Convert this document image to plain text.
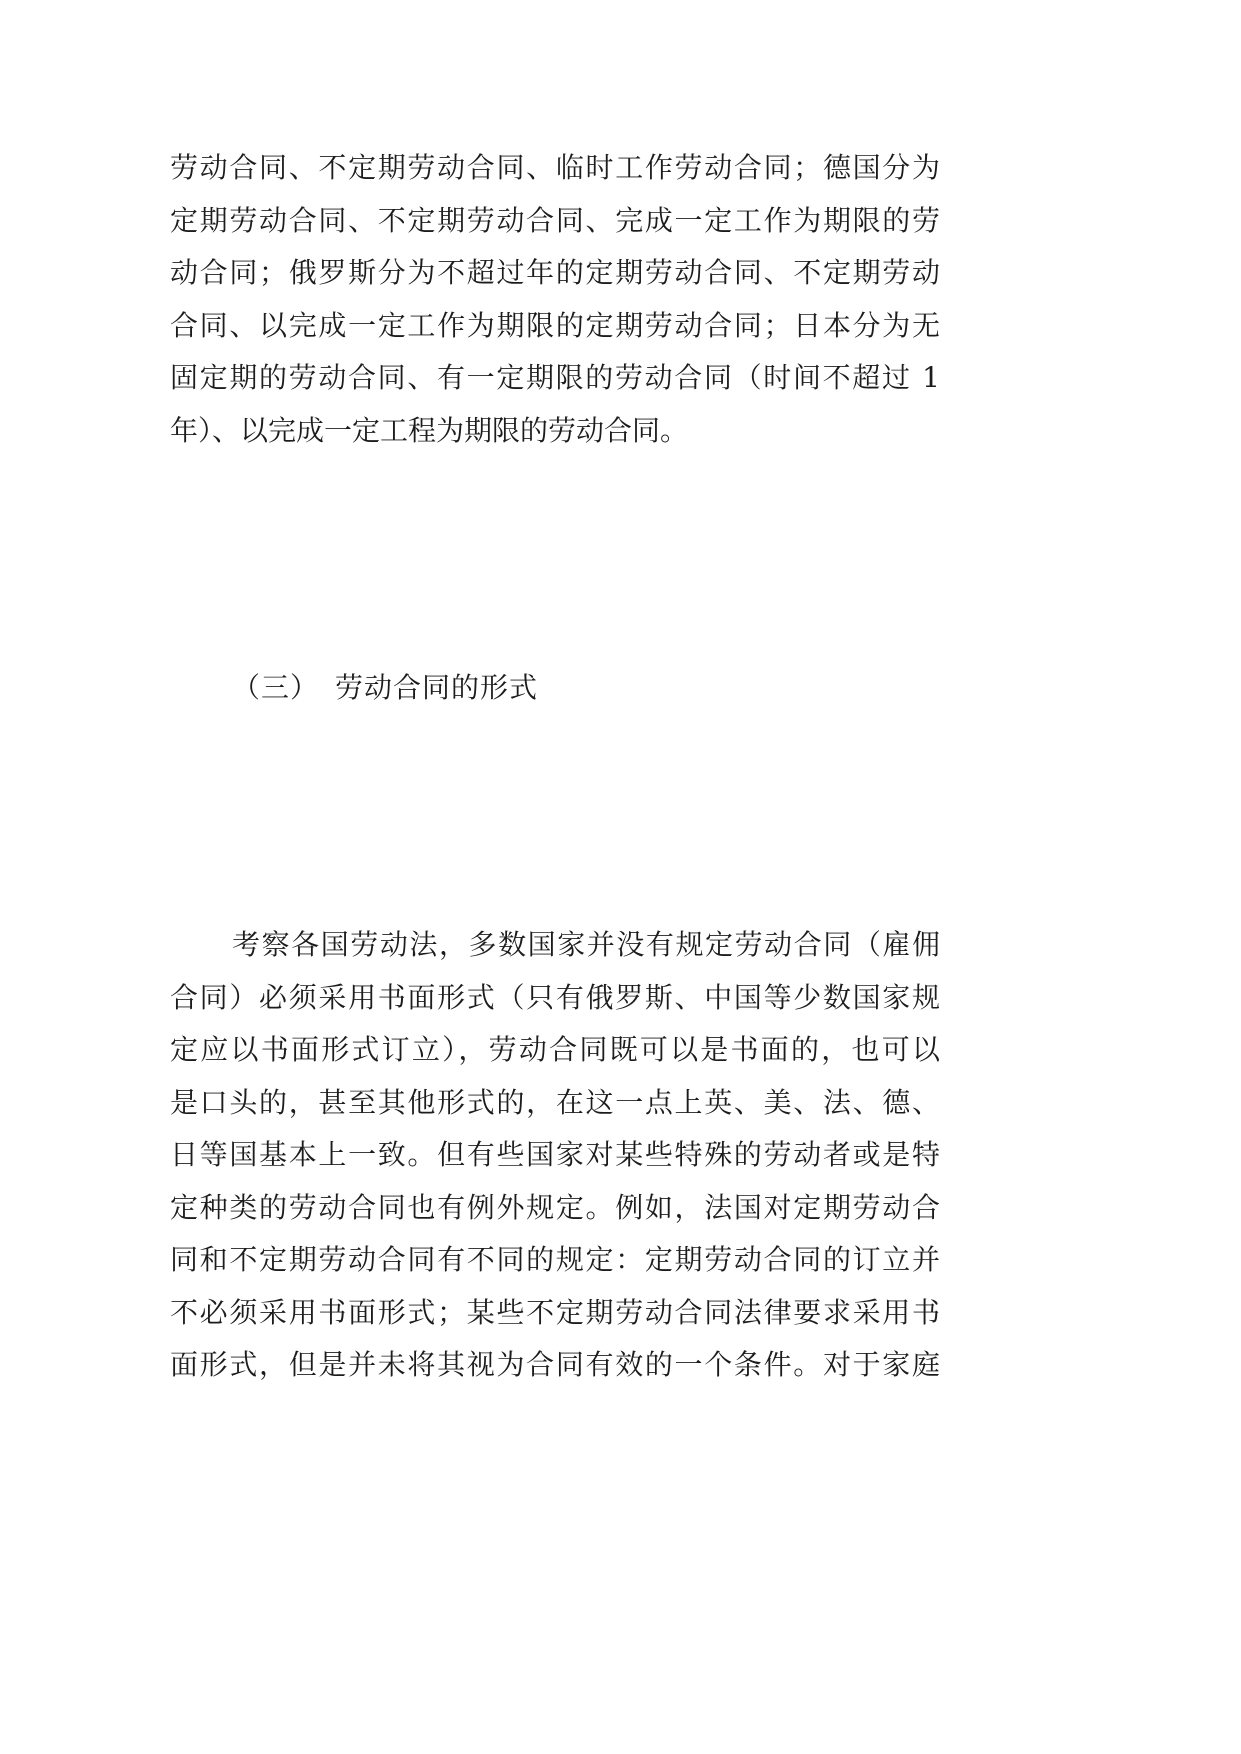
劳动合同、不定期劳动合同、临时工作劳动合同；德国分为
定期劳动合同、不定期劳动合同、完成一定工作为期限的劳
动合同；俄罗斯分为不超过年的定期劳动合同、不定期劳动
合同、以完成一定工作为期限的定期劳动合同；日本分为无
固定期的劳动合同、有一定期限的劳动合同（时间不超过 1
年）、以完成一定工程为期限的劳动合同。
（三） 劳动合同的形式
考察各国劳动法，多数国家并没有规定劳动合同（雇佣
合同）必须采用书面形式（只有俄罗斯、中国等少数国家规
定应以书面形式订立），劳动合同既可以是书面的，也可以
是口头的，甚至其他形式的，在这一点上英、美、法、德、
日等国基本上一致。但有些国家对某些特殊的劳动者或是特
定种类的劳动合同也有例外规定。例如，法国对定期劳动合
同和不定期劳动合同有不同的规定：定期劳动合同的订立并
不必须采用书面形式；某些不定期劳动合同法律要求采用书
面形式，但是并未将其视为合同有效的一个条件。对于家庭
